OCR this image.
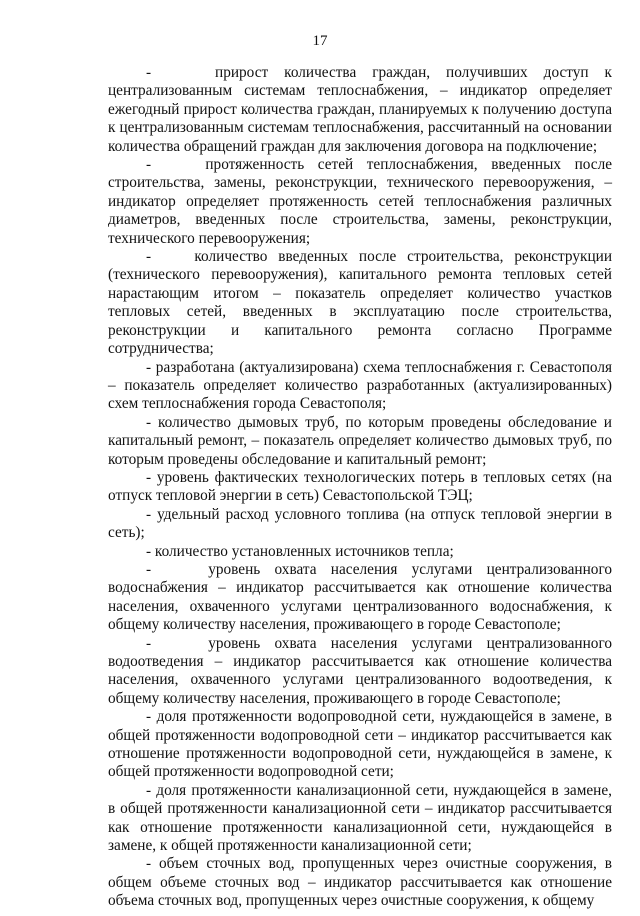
17

-    прирост количества граждан, получивших доступ к централизованным системам теплоснабжения, – индикатор определяет ежегодный прирост количества граждан, планируемых к получению доступа к централизованным системам теплоснабжения, рассчитанный на основании количества обращений граждан для заключения договора на подключение;

-    протяженность сетей теплоснабжения, введенных после строительства, замены, реконструкции, технического перевооружения, – индикатор определяет протяженность сетей теплоснабжения различных диаметров, введенных после строительства, замены, реконструкции, технического перевооружения;

-    количество введенных после строительства, реконструкции (технического перевооружения), капитального ремонта тепловых сетей нарастающим итогом – показатель определяет количество участков тепловых сетей, введенных в эксплуатацию после строительства, реконструкции и капитального ремонта согласно Программе сотрудничества;

- разработана (актуализирована) схема теплоснабжения г. Севастополя – показатель определяет количество разработанных (актуализированных) схем теплоснабжения города Севастополя;

- количество дымовых труб, по которым проведены обследование и капитальный ремонт, – показатель определяет количество дымовых труб, по которым проведены обследование и капитальный ремонт;

- уровень фактических технологических потерь в тепловых сетях (на отпуск тепловой энергии в сеть) Севастопольской ТЭЦ;

- удельный расход условного топлива (на отпуск тепловой энергии в сеть);

- количество установленных источников тепла;

-    уровень охвата населения услугами централизованного водоснабжения – индикатор рассчитывается как отношение количества населения, охваченного услугами централизованного водоснабжения, к общему количеству населения, проживающего в городе Севастополе;

-    уровень охвата населения услугами централизованного водоотведения – индикатор рассчитывается как отношение количества населения, охваченного услугами централизованного водоотведения, к общему количеству населения, проживающего в городе Севастополе;

- доля протяженности водопроводной сети, нуждающейся в замене, в общей протяженности водопроводной сети – индикатор рассчитывается как отношение протяженности водопроводной сети, нуждающейся в замене, к общей протяженности водопроводной сети;

- доля протяженности канализационной сети, нуждающейся в замене, в общей протяженности канализационной сети – индикатор рассчитывается как отношение протяженности канализационной сети, нуждающейся в замене, к общей протяженности канализационной сети;

- объем сточных вод, пропущенных через очистные сооружения, в общем объеме сточных вод – индикатор рассчитывается как отношение объема сточных вод, пропущенных через очистные сооружения, к общему
